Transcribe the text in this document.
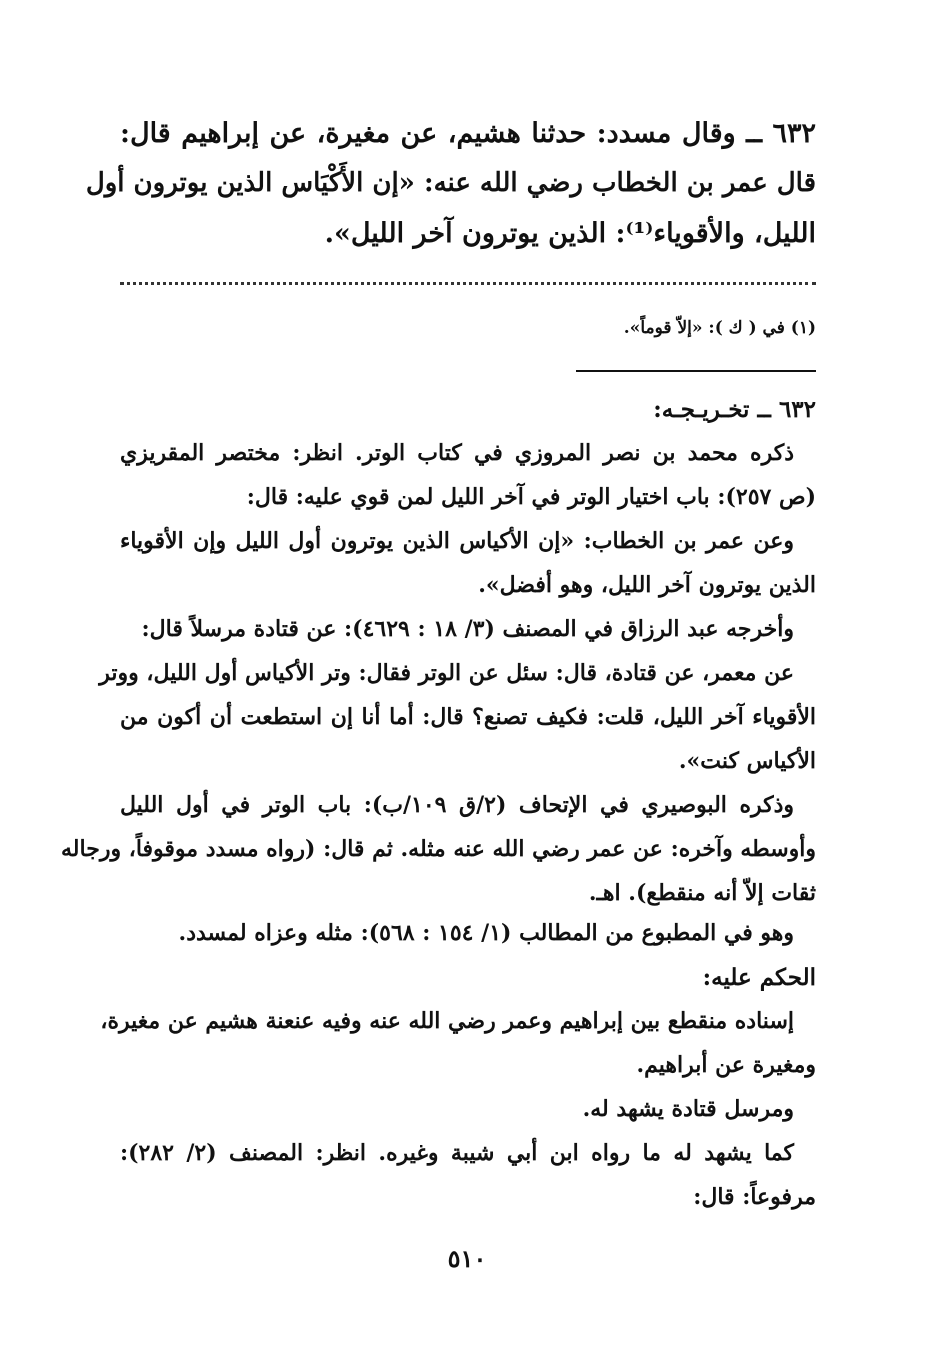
٦٣٢ ــ وقال مسدد: حدثنا هشيم، عن مغيرة، عن إبراهيم قال:
قال عمر بن الخطاب رضي الله عنه: «إن الأَكْيَاس الذين يوترون أول
الليل، والأقوياء⁽¹⁾: الذين يوترون آخر الليل».
(١) في ( ك ): «إلاّ قوماً».
٦٣٢ ــ تخـريـجـه:
ذكره محمد بن نصر المروزي في كتاب الوتر. انظر: مختصر المقريزي
(ص ٢٥٧): باب اختيار الوتر في آخر الليل لمن قوي عليه: قال:
وعن عمر بن الخطاب: «إن الأكياس الذين يوترون أول الليل وإن الأقوياء
الذين يوترون آخر الليل، وهو أفضل».
وأخرجه عبد الرزاق في المصنف (٣/ ١٨ : ٤٦٢٩): عن قتادة مرسلاً قال:
عن معمر، عن قتادة، قال: سئل عن الوتر فقال: وتر الأكياس أول الليل، ووتر
الأقوياء آخر الليل، قلت: فكيف تصنع؟ قال: أما أنا إن استطعت أن أكون من
الأكياس كنت».
وذكره البوصيري في الإتحاف (٢/ق ١٠٩/ب): باب الوتر في أول الليل
وأوسطه وآخره: عن عمر رضي الله عنه مثله. ثم قال: (رواه مسدد موقوفاً، ورجاله
ثقات إلاّ أنه منقطع). اهـ.
وهو في المطبوع من المطالب (١/ ١٥٤ : ٥٦٨): مثله وعزاه لمسدد.
الحكم عليه:
إسناده منقطع بين إبراهيم وعمر رضي الله عنه وفيه عنعنة هشيم عن مغيرة،
ومغيرة عن أبراهيم.
ومرسل قتادة يشهد له.
كما يشهد له ما رواه ابن أبي شيبة وغيره. انظر: المصنف (٢/ ٢٨٢):
مرفوعاً: قال:
٥١٠
